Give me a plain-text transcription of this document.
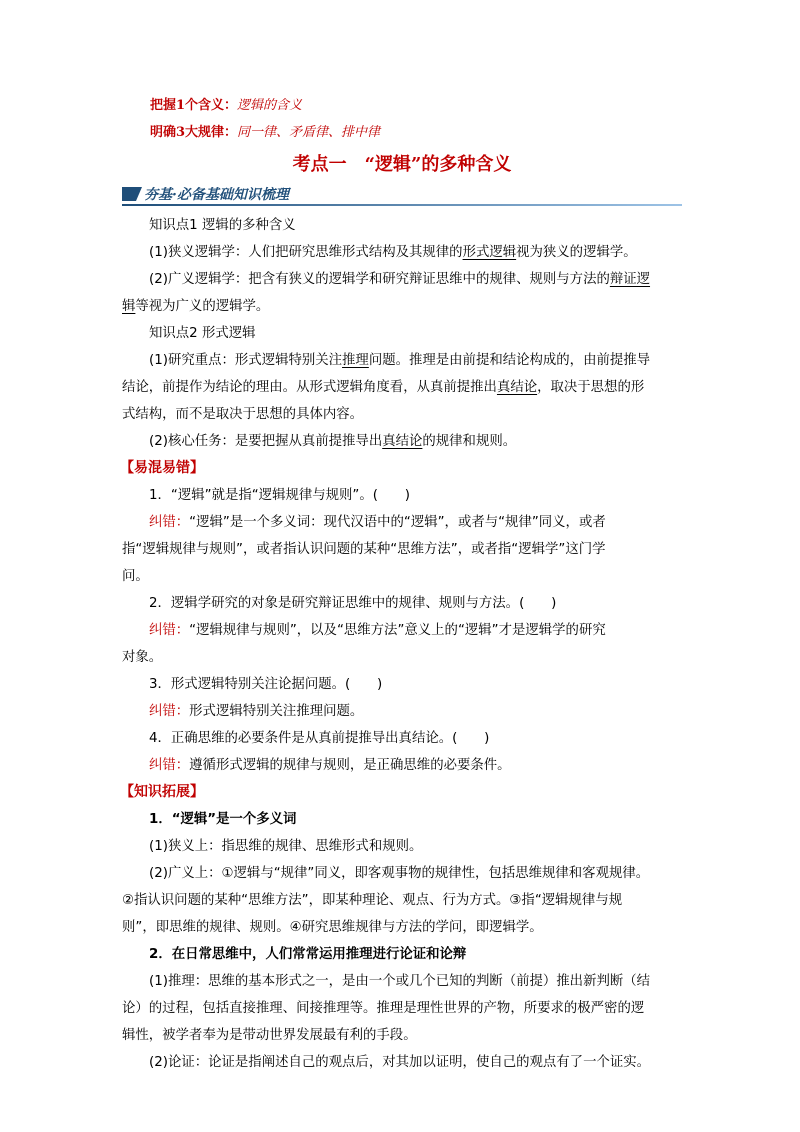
把握1个含义：逻辑的含义
明确3大规律：同一律、矛盾律、排中律
考点一　“逻辑”的多种含义
夯基·必备基础知识梳理

知识点1 逻辑的多种含义

(1)狭义逻辑学：人们把研究思维形式结构及其规律的形式逻辑视为狭义的逻辑学。

(2)广义逻辑学：把含有狭义的逻辑学和研究辩证思维中的规律、规则与方法的辩证逻
辑等视为广义的逻辑学。

知识点2 形式逻辑

(1)研究重点：形式逻辑特别关注推理问题。推理是由前提和结论构成的，由前提推导
结论，前提作为结论的理由。从形式逻辑角度看，从真前提推出真结论，取决于思想的形
式结构，而不是取决于思想的具体内容。

(2)核心任务：是要把握从真前提推导出真结论的规律和规则。

【易混易错】

1．“逻辑”就是指“逻辑规律与规则”。(　　)

纠错：“逻辑”是一个多义词：现代汉语中的“逻辑”，或者与“规律”同义，或者
指“逻辑规律与规则”，或者指认识问题的某种“思维方法”，或者指“逻辑学”这门学
问。

2．逻辑学研究的对象是研究辩证思维中的规律、规则与方法。(　　)

纠错：“逻辑规律与规则”，以及“思维方法”意义上的“逻辑”才是逻辑学的研究
对象。

3．形式逻辑特别关注论据问题。(　　)

纠错：形式逻辑特别关注推理问题。

4．正确思维的必要条件是从真前提推导出真结论。(　　)

纠错：遵循形式逻辑的规律与规则，是正确思维的必要条件。

【知识拓展】

1．“逻辑”是一个多义词

(1)狭义上：指思维的规律、思维形式和规则。

(2)广义上：①逻辑与“规律”同义，即客观事物的规律性，包括思维规律和客观规律。
②指认识问题的某种“思维方法”，即某种理论、观点、行为方式。③指“逻辑规律与规
则”，即思维的规律、规则。④研究思维规律与方法的学问，即逻辑学。

2．在日常思维中，人们常常运用推理进行论证和论辩

(1)推理：思维的基本形式之一，是由一个或几个已知的判断（前提）推出新判断（结
论）的过程，包括直接推理、间接推理等。推理是理性世界的产物，所要求的极严密的逻
辑性，被学者奉为是带动世界发展最有利的手段。

(2)论证：论证是指阐述自己的观点后，对其加以证明，使自己的观点有了一个证实。
